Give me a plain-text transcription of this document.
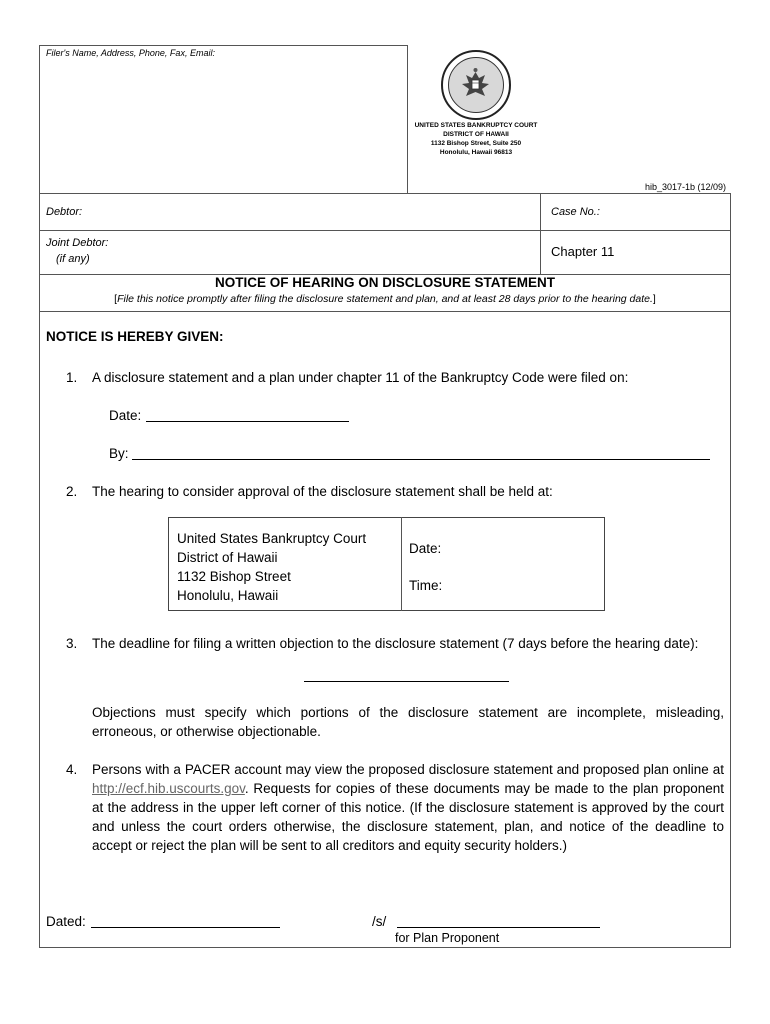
Filer's Name, Address, Phone, Fax, Email:
UNITED STATES BANKRUPTCY COURT
DISTRICT OF HAWAII
1132 Bishop Street, Suite 250
Honolulu, Hawaii 96813
hib_3017-1b (12/09)
Debtor:	Case No.:
Joint Debtor:
(if any)	Chapter 11
NOTICE OF HEARING ON DISCLOSURE STATEMENT
[File this notice promptly after filing the disclosure statement and plan, and at least 28 days prior to the hearing date.]
NOTICE IS HEREBY GIVEN:
1. A disclosure statement and a plan under chapter 11 of the Bankruptcy Code were filed on:
Date:
By:
2. The hearing to consider approval of the disclosure statement shall be held at:
United States Bankruptcy Court
District of Hawaii
1132 Bishop Street
Honolulu, Hawaii
Date:
Time:
3. The deadline for filing a written objection to the disclosure statement (7 days before the hearing date):
Objections must specify which portions of the disclosure statement are incomplete, misleading, erroneous, or otherwise objectionable.
4. Persons with a PACER account may view the proposed disclosure statement and proposed plan online at http://ecf.hib.uscourts.gov. Requests for copies of these documents may be made to the plan proponent at the address in the upper left corner of this notice. (If the disclosure statement is approved by the court and unless the court orders otherwise, the disclosure statement, plan, and notice of the deadline to accept or reject the plan will be sent to all creditors and equity security holders.)
Dated:	/s/
for Plan Proponent
